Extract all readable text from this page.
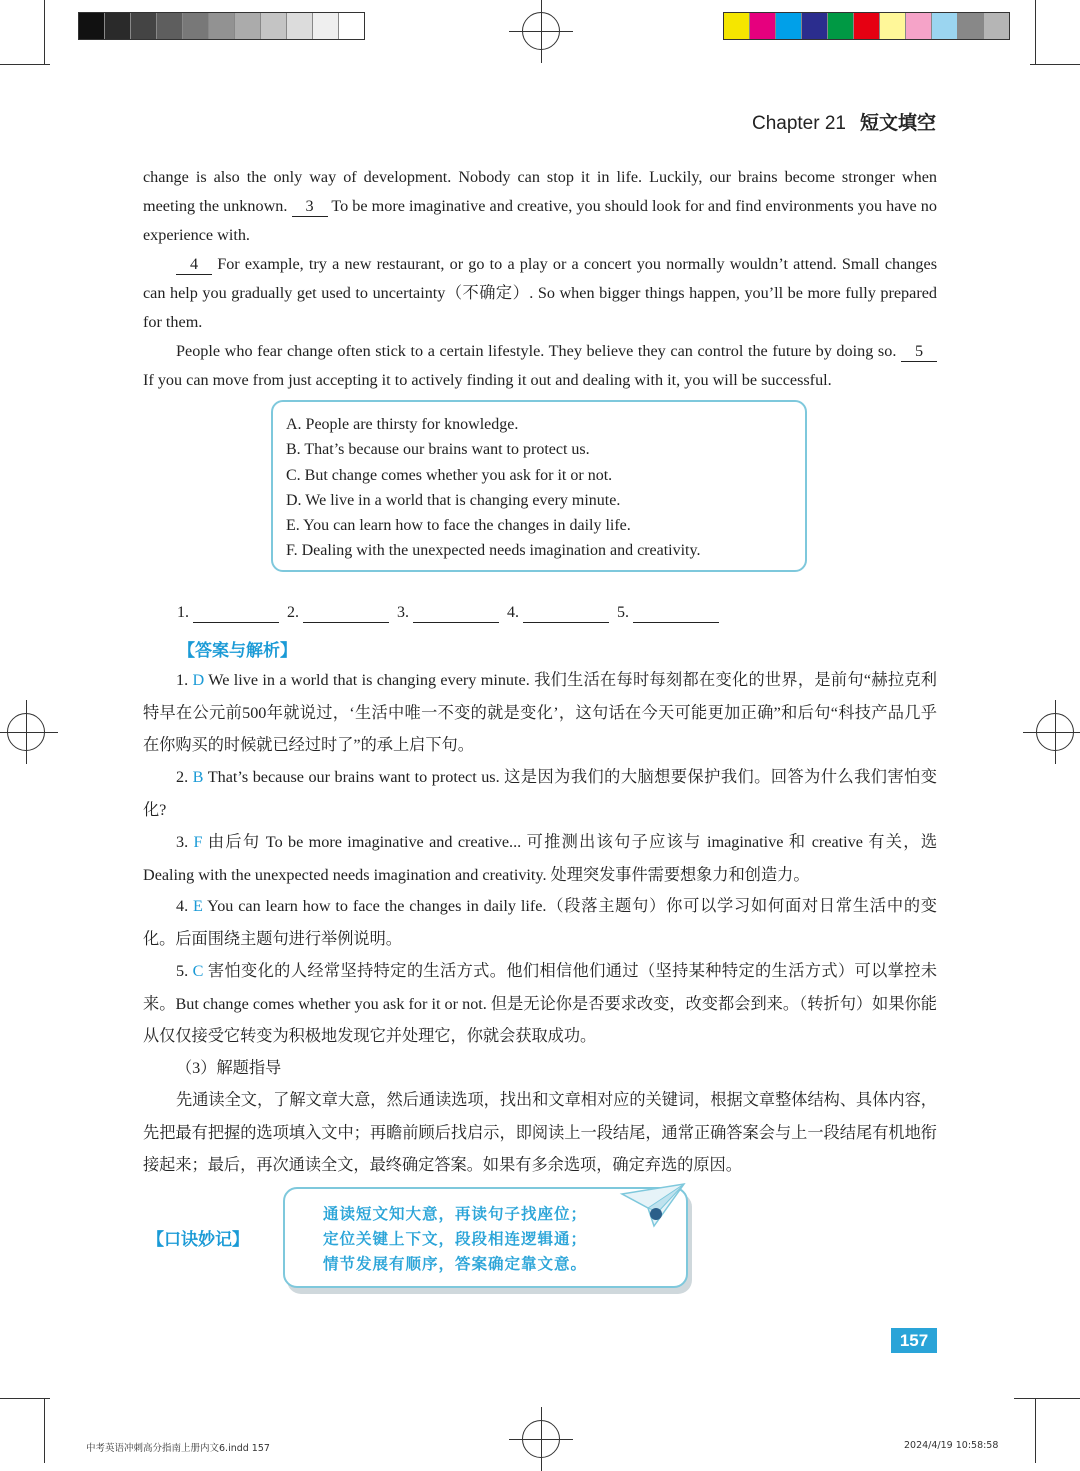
Chapter 21 短文填空
change is also the only way of development. Nobody can stop it in life. Luckily, our brains become stronger when meeting the unknown. 3 To be more imaginative and creative, you should look for and find environments you have no experience with.
4 For example, try a new restaurant, or go to a play or a concert you normally wouldn’t attend. Small changes can help you gradually get used to uncertainty（不确定）. So when bigger things happen, you’ll be more fully prepared for them.
People who fear change often stick to a certain lifestyle. They believe they can control the future by doing so. 5 If you can move from just accepting it to actively finding it out and dealing with it, you will be successful.
A. People are thirsty for knowledge.
B. That’s because our brains want to protect us.
C. But change comes whether you ask for it or not.
D. We live in a world that is changing every minute.
E. You can learn how to face the changes in daily life.
F. Dealing with the unexpected needs imagination and creativity.
1.	2.	3.	4.	5.
【答案与解析】
1. D We live in a world that is changing every minute. 我们生活在每时每刻都在变化的世界，是前句“赫拉克利特早在公元前500年就说过，‘生活中唯一不变的就是变化’，这句话在今天可能更加正确”和后句“科技产品几乎在你购买的时候就已经过时了”的承上启下句。
2. B That’s because our brains want to protect us. 这是因为我们的大脑想要保护我们。回答为什么我们害怕变化?
3. F 由后句 To be more imaginative and creative... 可推测出该句子应该与 imaginative 和 creative 有关，选 Dealing with the unexpected needs imagination and creativity. 处理突发事件需要想象力和创造力。
4. E You can learn how to face the changes in daily life.（段落主题句）你可以学习如何面对日常生活中的变化。后面围绕主题句进行举例说明。
5. C 害怕变化的人经常坚持特定的生活方式。他们相信他们通过（坚持某种特定的生活方式）可以掌控未来。But change comes whether you ask for it or not. 但是无论你是否要求改变，改变都会到来。（转折句）如果你能从仅仅接受它转变为积极地发现它并处理它，你就会获取成功。
（3）解题指导
先通读全文，了解文章大意，然后通读选项，找出和文章相对应的关键词，根据文章整体结构、具体内容，先把最有把握的选项填入文中；再瞻前顾后找启示，即阅读上一段结尾，通常正确答案会与上一段结尾有机地衔接起来；最后，再次通读全文，最终确定答案。如果有多余选项，确定弃选的原因。
【口诀妙记】
通读短文知大意，再读句子找座位；
定位关键上下文，段段相连逻辑通；
情节发展有顺序，答案确定靠文意。
157
中考英语冲刺高分指南上册内文6.indd 157	2024/4/19 10:58:58
